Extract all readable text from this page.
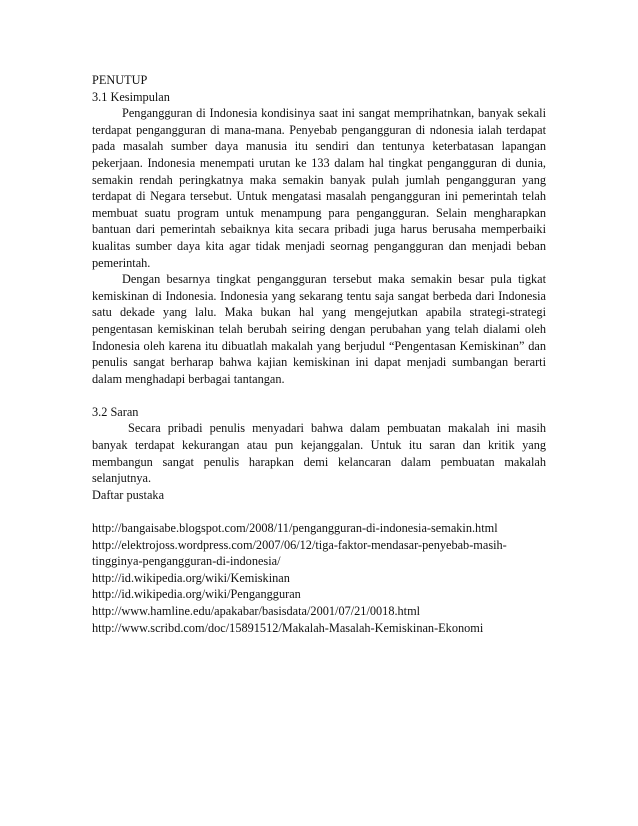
PENUTUP
3.1 Kesimpulan

Pengangguran di Indonesia kondisinya saat ini sangat memprihatnkan, banyak sekali terdapat pengangguran di mana-mana. Penyebab pengangguran di ndonesia ialah terdapat pada masalah sumber daya manusia itu sendiri dan tentunya keterbatasan lapangan pekerjaan. Indonesia menempati urutan ke 133 dalam hal tingkat pengangguran di dunia, semakin rendah peringkatnya maka semakin banyak pulah jumlah pengangguran yang terdapat di Negara tersebut. Untuk mengatasi masalah pengangguran ini pemerintah telah membuat suatu program untuk menampung para pengangguran. Selain mengharapkan bantuan dari pemerintah sebaiknya kita secara pribadi juga harus berusaha memperbaiki kualitas sumber daya kita agar tidak menjadi seornag pengangguran dan menjadi beban pemerintah.

Dengan besarnya tingkat pengangguran tersebut maka semakin besar pula tigkat kemiskinan di Indonesia. Indonesia yang sekarang tentu saja sangat berbeda dari Indonesia satu dekade yang lalu. Maka bukan hal yang mengejutkan apabila strategi-strategi pengentasan kemiskinan telah berubah seiring dengan perubahan yang telah dialami oleh Indonesia oleh karena itu dibuatlah makalah yang berjudul “Pengentasan Kemiskinan” dan penulis sangat berharap bahwa kajian kemiskinan ini dapat menjadi sumbangan berarti dalam menghadapi berbagai tantangan.

3.2 Saran

Secara pribadi penulis menyadari bahwa dalam pembuatan makalah ini masih banyak terdapat kekurangan atau pun kejanggalan. Untuk itu saran dan kritik yang membangun sangat penulis harapkan demi kelancaran dalam pembuatan makalah selanjutnya.

Daftar pustaka
http://bangaisabe.blogspot.com/2008/11/pengangguran-di-indonesia-semakin.html
http://elektrojoss.wordpress.com/2007/06/12/tiga-faktor-mendasar-penyebab-masih-tingginya-pengangguran-di-indonesia/
http://id.wikipedia.org/wiki/Kemiskinan
http://id.wikipedia.org/wiki/Pengangguran
http://www.hamline.edu/apakabar/basisdata/2001/07/21/0018.html
http://www.scribd.com/doc/15891512/Makalah-Masalah-Kemiskinan-Ekonomi
